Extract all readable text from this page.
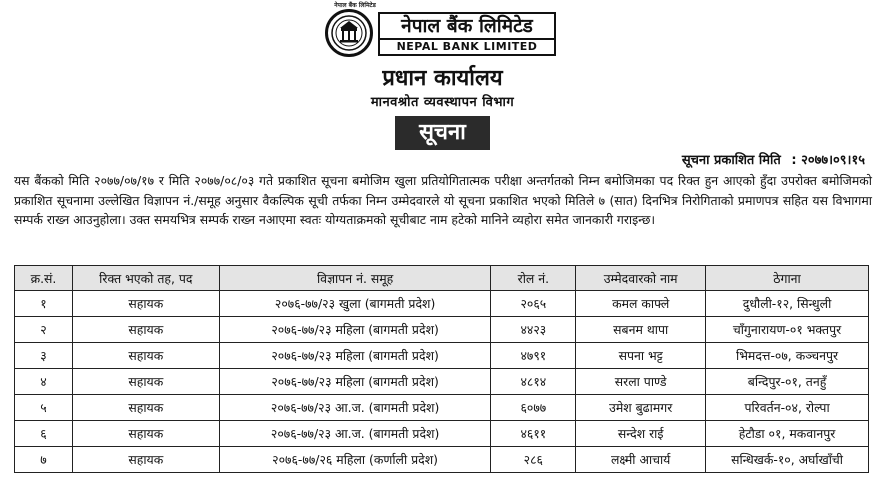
नेपाल बैंक लिमिटेड
नेपाल बैंक लिमिटेड
NEPAL BANK LIMITED
प्रधान कार्यालय
मानवश्रोत व्यवस्थापन विभाग
सूचना
सूचना प्रकाशित मिति : २०७७।०९।१५
यस बैंकको मिति २०७७/०७/१७ र मिति २०७७/०८/०३ गते प्रकाशित सूचना बमोजिम खुला प्रतियोगितात्मक परीक्षा अन्तर्गतको निम्न बमोजिमका पद रिक्त हुन आएको हुँदा उपरोक्त बमोजिमको प्रकाशित सूचनामा उल्लेखित विज्ञापन नं./समूह अनुसार वैकल्पिक सूची तर्फका निम्न उम्मेदवारले यो सूचना प्रकाशित भएको मितिले ७ (सात) दिनभित्र निरोगिताको प्रमाणपत्र सहित यस विभागमा सम्पर्क राख्न आउनुहोला। उक्त समयभित्र सम्पर्क राख्न नआएमा स्वतः योग्यताक्रमको सूचीबाट नाम हटेको मानिने व्यहोरा समेत जानकारी गराइन्छ।
क्र.सं.	रिक्त भएको तह, पद	विज्ञापन नं. समूह	रोल नं.	उम्मेदवारको नाम	ठेगाना
१	सहायक	२०७६-७७/२३ खुला (बागमती प्रदेश)	२०६५	कमल काफ्ले	दुधौली-१२, सिन्धुली
२	सहायक	२०७६-७७/२३ महिला (बागमती प्रदेश)	४४२३	सबनम थापा	चाँगुनारायण-०१ भक्तपुर
३	सहायक	२०७६-७७/२३ महिला (बागमती प्रदेश)	४७९१	सपना भट्ट	भिमदत्त-०७, कञ्चनपुर
४	सहायक	२०७६-७७/२३ महिला (बागमती प्रदेश)	४८१४	सरला पाण्डे	बन्दिपुर-०१, तनहुँ
५	सहायक	२०७६-७७/२३ आ.ज. (बागमती प्रदेश)	६०७७	उमेश बुढामगर	परिवर्तन-०४, रोल्पा
६	सहायक	२०७६-७७/२३ आ.ज. (बागमती प्रदेश)	४६११	सन्देश राई	हेटौडा ०१, मकवानपुर
७	सहायक	२०७६-७७/२६ महिला (कर्णाली प्रदेश)	२८६	लक्ष्मी आचार्य	सन्धिखर्क-१०, अर्घाखाँची
